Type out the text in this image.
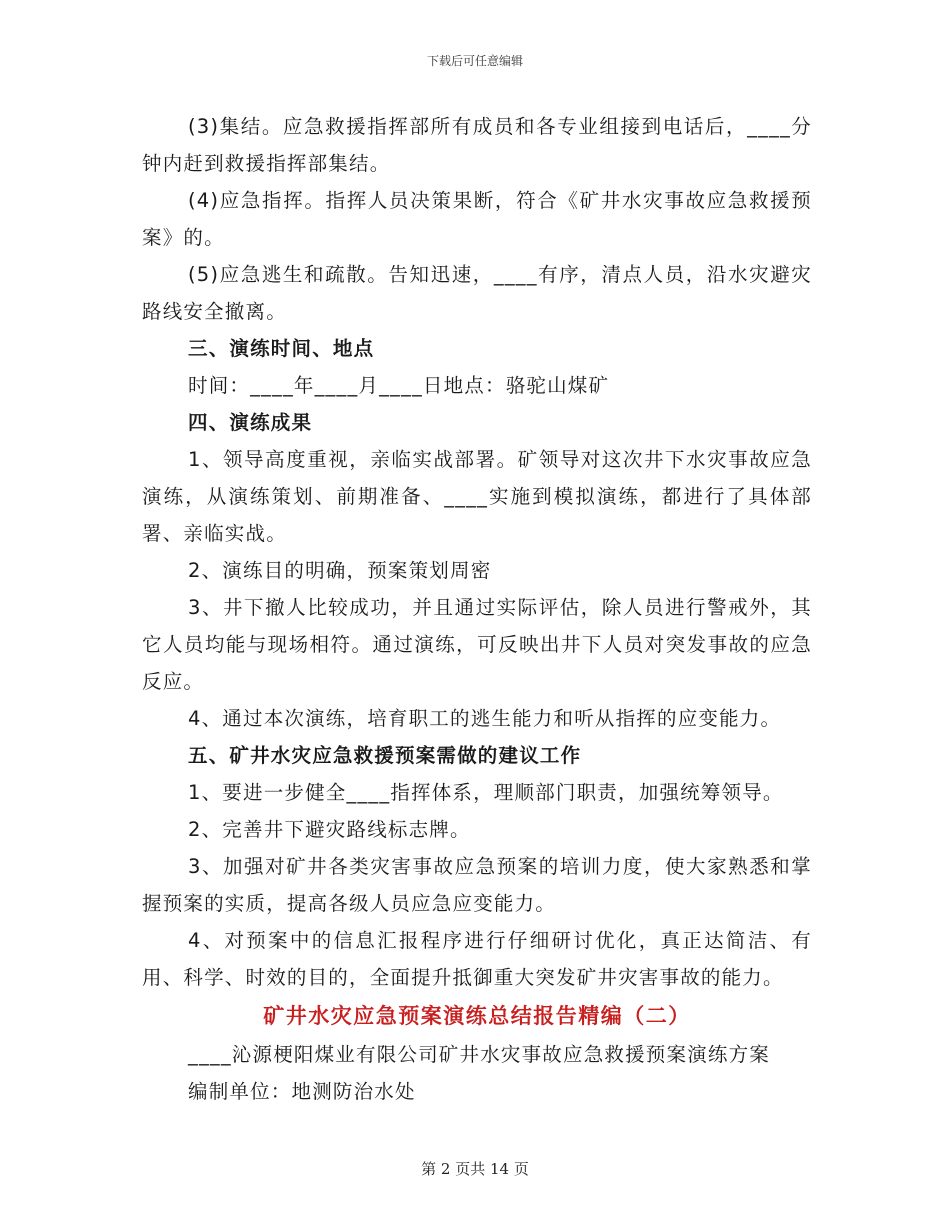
下载后可任意编辑

(3)集结。应急救援指挥部所有成员和各专业组接到电话后，____分钟内赶到救援指挥部集结。

(4)应急指挥。指挥人员决策果断，符合《矿井水灾事故应急救援预案》的。

(5)应急逃生和疏散。告知迅速，____有序，清点人员，沿水灾避灾路线安全撤离。

三、演练时间、地点

时间：____年____月____日地点：骆驼山煤矿

四、演练成果

1、领导高度重视，亲临实战部署。矿领导对这次井下水灾事故应急演练，从演练策划、前期准备、____实施到模拟演练，都进行了具体部署、亲临实战。

2、演练目的明确，预案策划周密

3、井下撤人比较成功，并且通过实际评估，除人员进行警戒外，其它人员均能与现场相符。通过演练，可反映出井下人员对突发事故的应急反应。

4、通过本次演练，培育职工的逃生能力和听从指挥的应变能力。

五、矿井水灾应急救援预案需做的建议工作

1、要进一步健全____指挥体系，理顺部门职责，加强统筹领导。

2、完善井下避灾路线标志牌。

3、加强对矿井各类灾害事故应急预案的培训力度，使大家熟悉和掌握预案的实质，提高各级人员应急应变能力。

4、对预案中的信息汇报程序进行仔细研讨优化，真正达简洁、有用、科学、时效的目的，全面提升抵御重大突发矿井灾害事故的能力。

矿井水灾应急预案演练总结报告精编（二）

____沁源梗阳煤业有限公司矿井水灾事故应急救援预案演练方案

编制单位：地测防治水处

第 2 页共 14 页
